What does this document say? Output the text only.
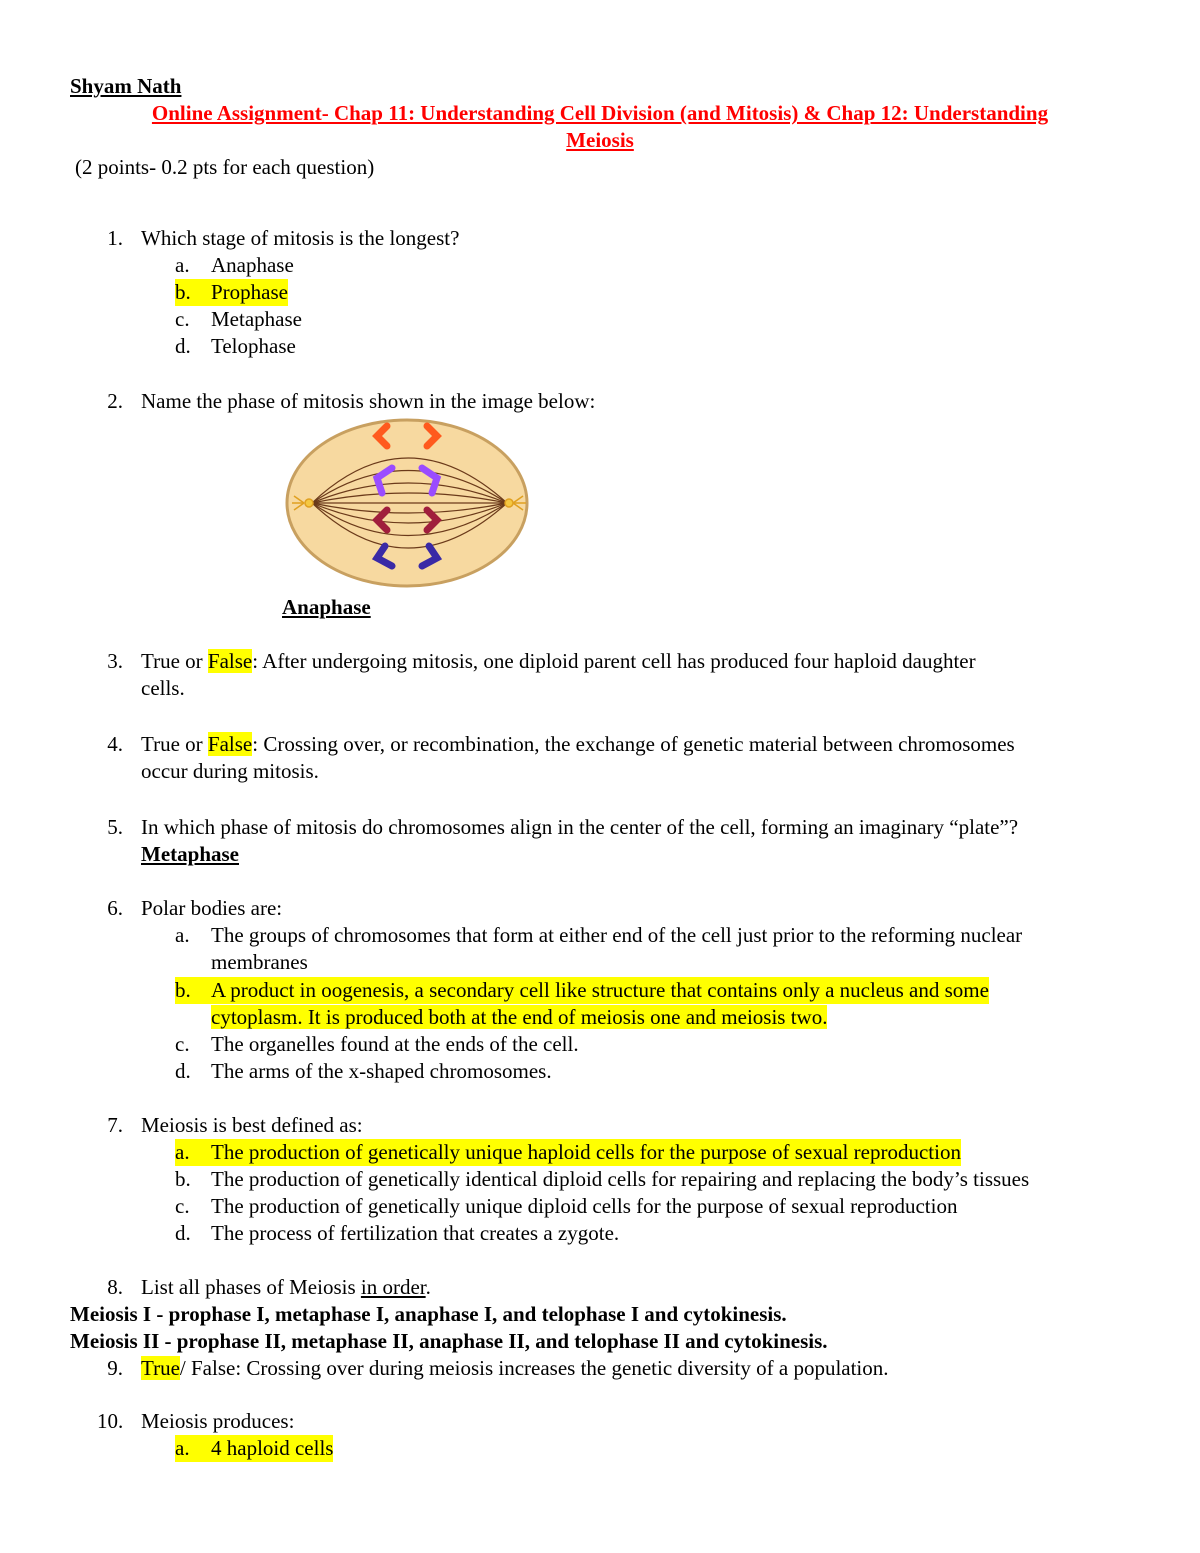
Shyam Nath
Online Assignment- Chap 11: Understanding Cell Division (and Mitosis) & Chap 12: Understanding
Meiosis
(2 points- 0.2 pts for each question)
1. Which stage of mitosis is the longest?
a. Anaphase
b. Prophase
c. Metaphase
d. Telophase
2. Name the phase of mitosis shown in the image below:
Anaphase
3. True or False: After undergoing mitosis, one diploid parent cell has produced four haploid daughter
cells.
4. True or False: Crossing over, or recombination, the exchange of genetic material between chromosomes
occur during mitosis.
5. In which phase of mitosis do chromosomes align in the center of the cell, forming an imaginary “plate”?
Metaphase
6. Polar bodies are:
a. The groups of chromosomes that form at either end of the cell just prior to the reforming nuclear
membranes
b. A product in oogenesis, a secondary cell like structure that contains only a nucleus and some
cytoplasm. It is produced both at the end of meiosis one and meiosis two.
c. The organelles found at the ends of the cell.
d. The arms of the x-shaped chromosomes.
7. Meiosis is best defined as:
a.	The production of genetically unique haploid cells for the purpose of sexual reproduction
b. The production of genetically identical diploid cells for repairing and replacing the body’s tissues
c. The production of genetically unique diploid cells for the purpose of sexual reproduction
d. The process of fertilization that creates a zygote.
8. List all phases of Meiosis in order.
Meiosis I - prophase I, metaphase I, anaphase I, and telophase I and cytokinesis.
Meiosis II - prophase II, metaphase II, anaphase II, and telophase II and cytokinesis.
9. True/ False: Crossing over during meiosis increases the genetic diversity of a population.
10. Meiosis produces:
a.	4 haploid cells
